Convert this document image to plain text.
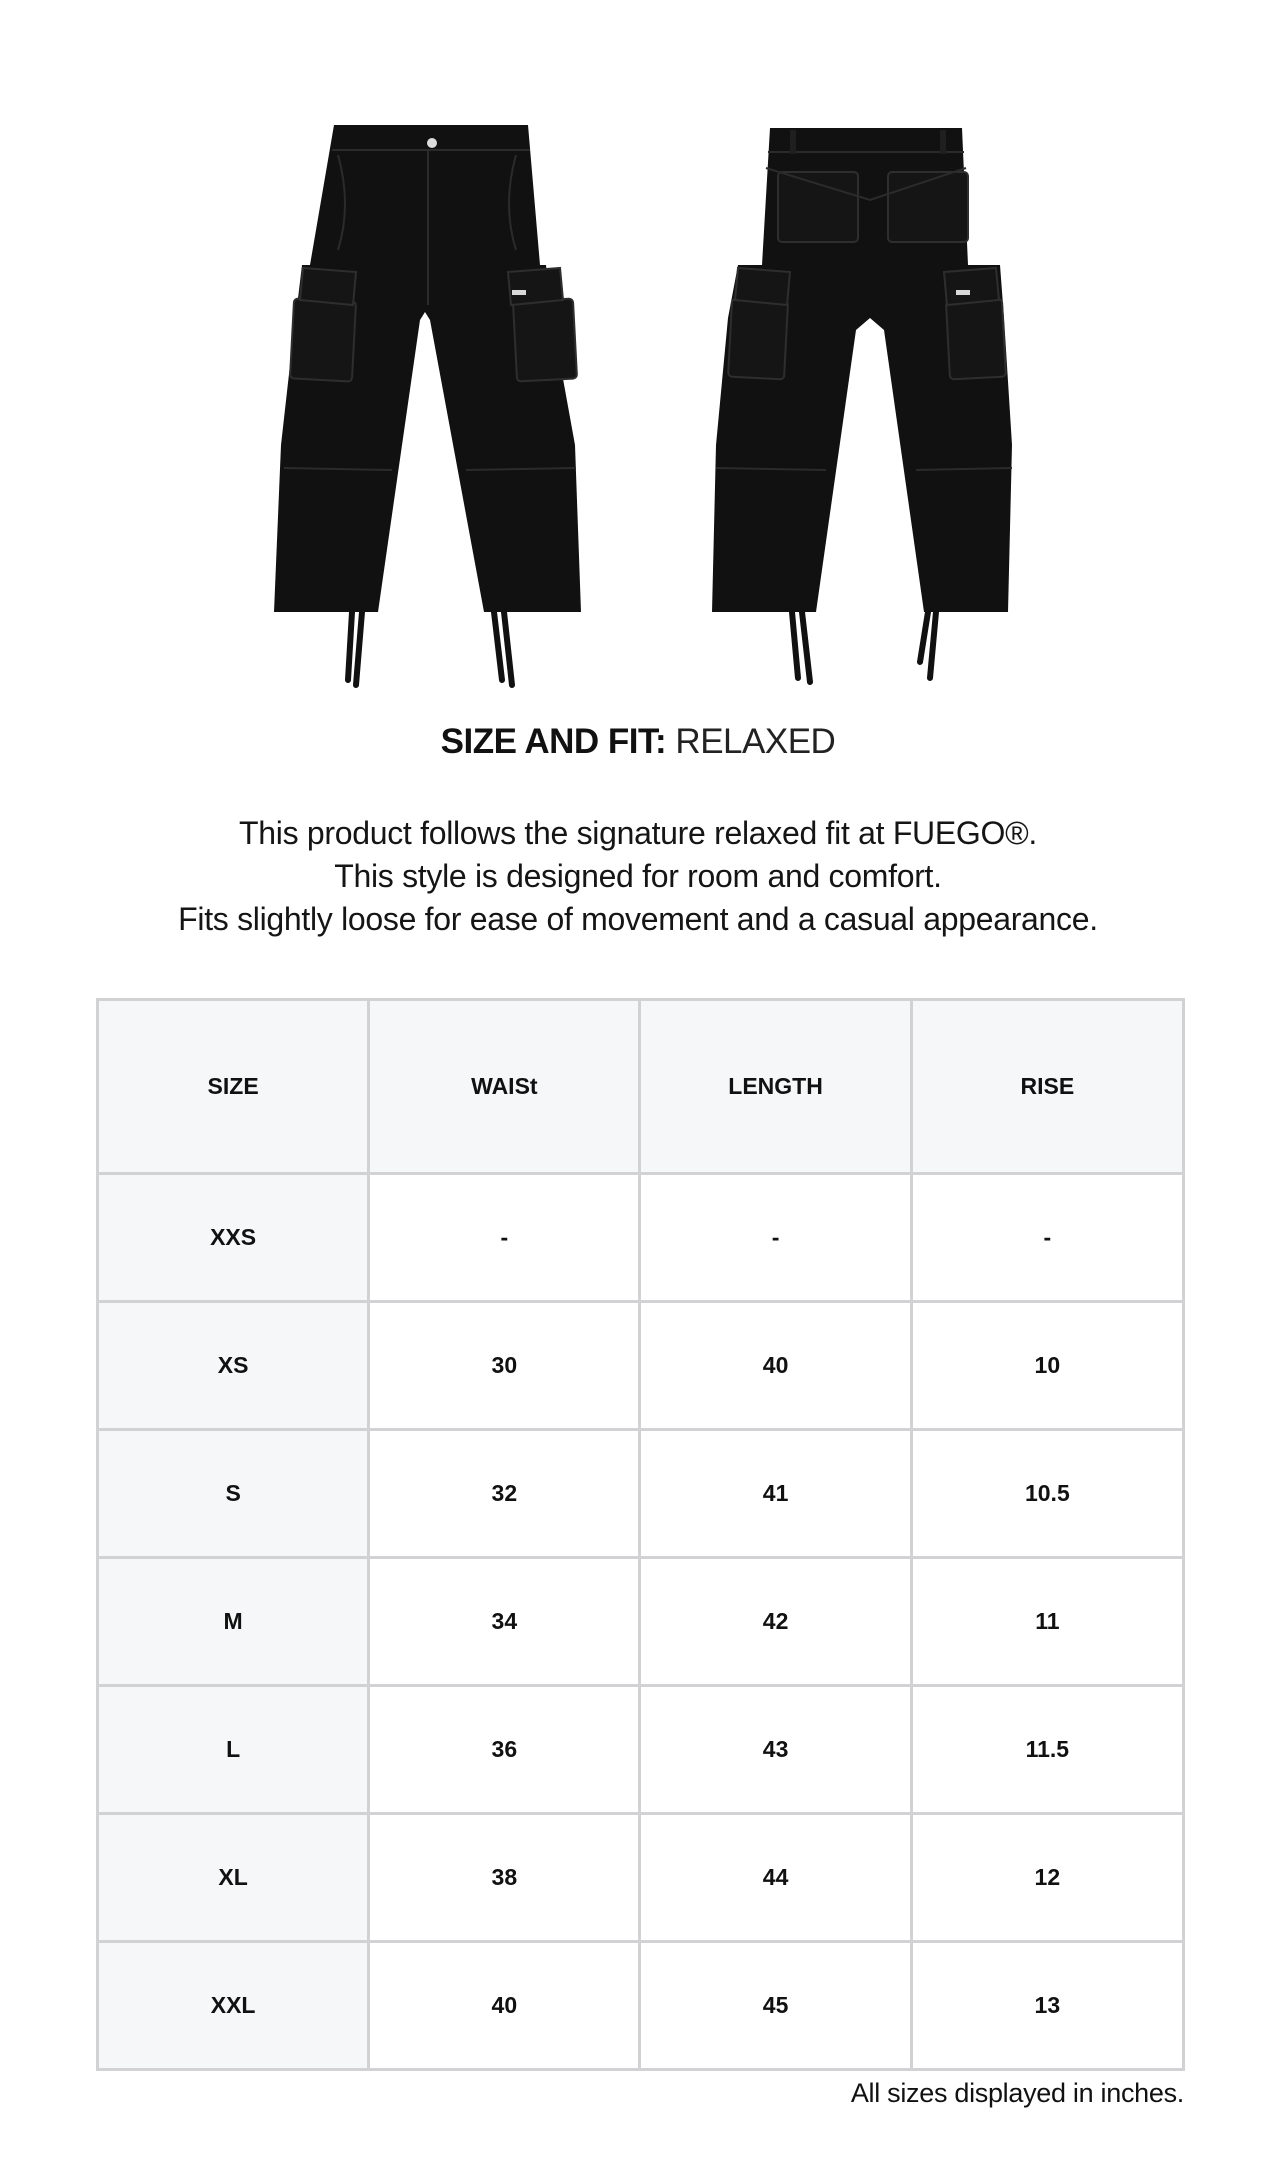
SIZE AND FIT: RELAXED
This product follows the signature relaxed fit at FUEGO®.
This style is designed for room and comfort.
Fits slightly loose for ease of movement and a casual appearance.
SIZE	WAISt	LENGTH	RISE
XXS	-	-	-
XS	30	40	10
S	32	41	10.5
M	34	42	11
L	36	43	11.5
XL	38	44	12
XXL	40	45	13
All sizes displayed in inches.
